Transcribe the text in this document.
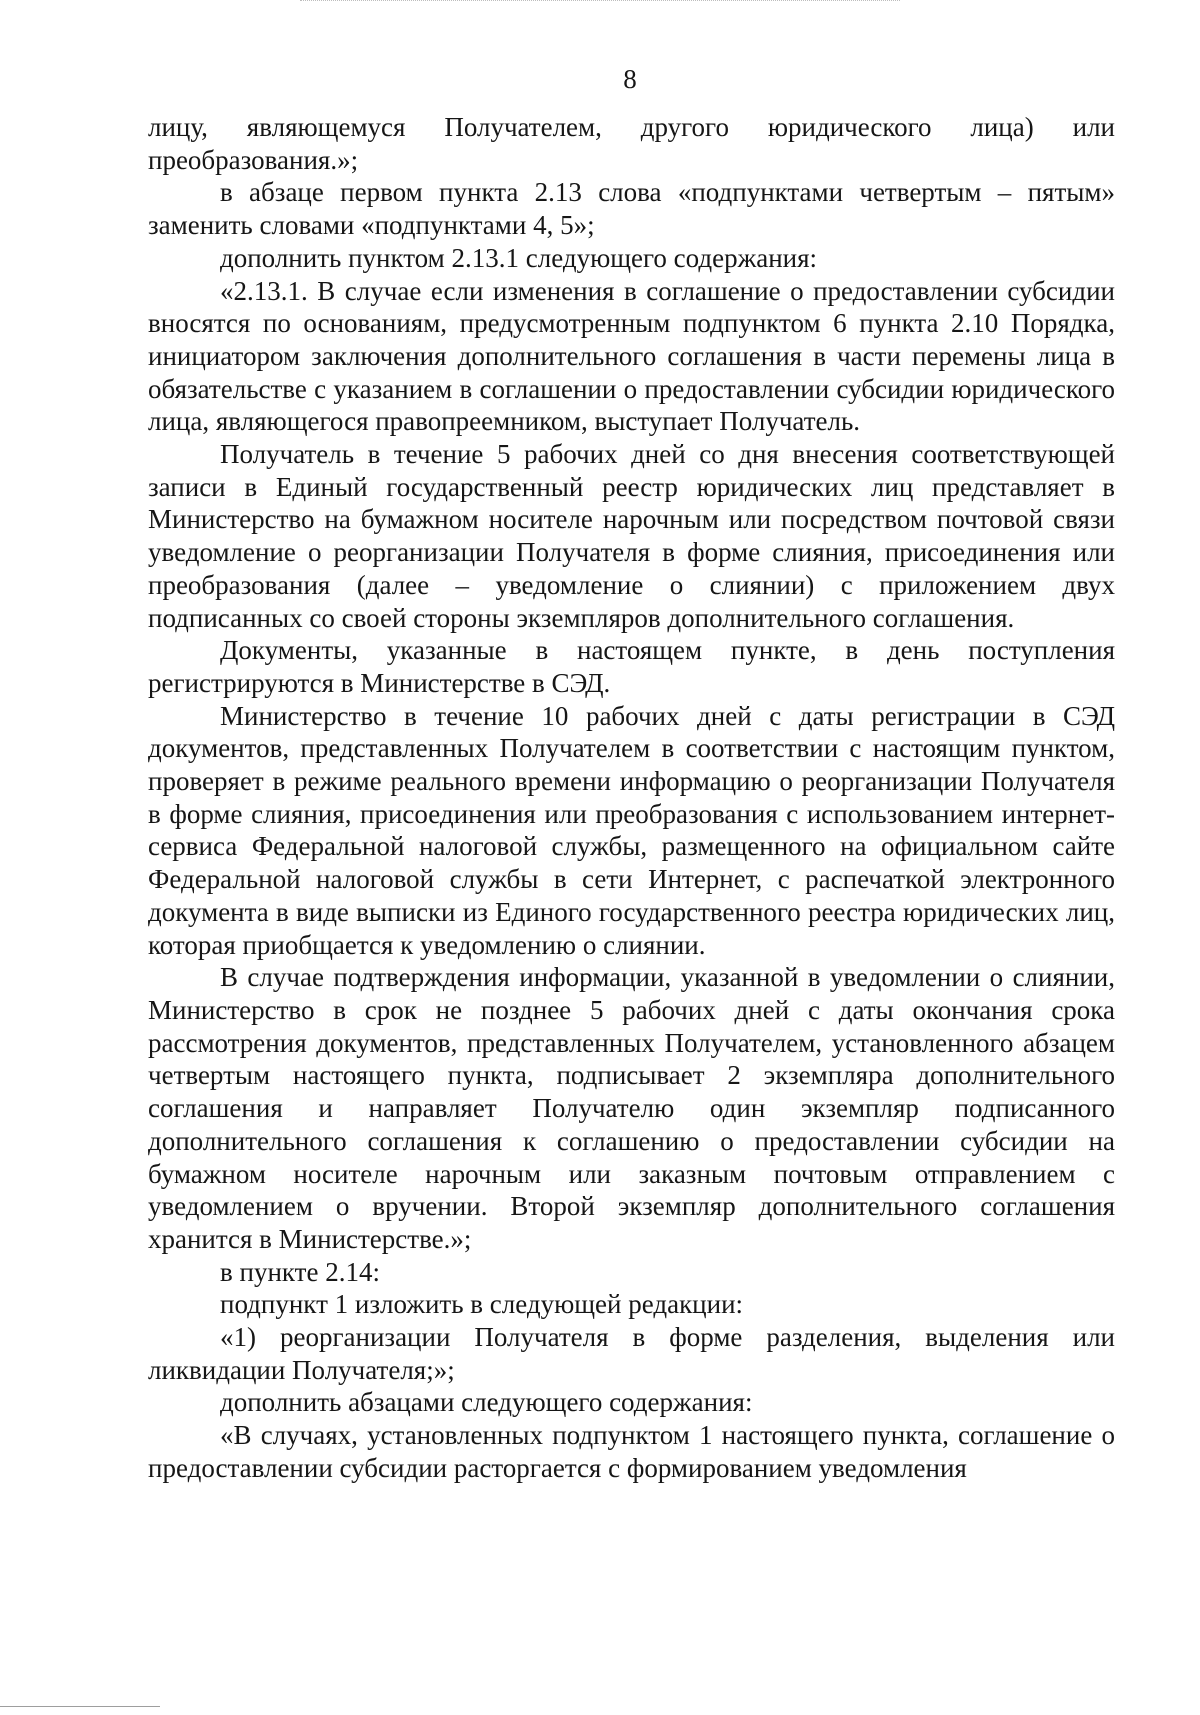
8

лицу, являющемуся Получателем, другого юридического лица) или преобразования.»;

в абзаце первом пункта 2.13 слова «подпунктами четвертым – пятым» заменить словами «подпунктами 4, 5»;

дополнить пунктом 2.13.1 следующего содержания:

«2.13.1. В случае если изменения в соглашение о предоставлении субсидии вносятся по основаниям, предусмотренным подпунктом 6 пункта 2.10 Порядка, инициатором заключения дополнительного соглашения в части перемены лица в обязательстве с указанием в соглашении о предоставлении субсидии юридического лица, являющегося правопреемником, выступает Получатель.

Получатель в течение 5 рабочих дней со дня внесения соответствующей записи в Единый государственный реестр юридических лиц представляет в Министерство на бумажном носителе нарочным или посредством почтовой связи уведомление о реорганизации Получателя в форме слияния, присоединения или преобразования (далее – уведомление о слиянии) с приложением двух подписанных со своей стороны экземпляров дополнительного соглашения.

Документы, указанные в настоящем пункте, в день поступления регистрируются в Министерстве в СЭД.

Министерство в течение 10 рабочих дней с даты регистрации в СЭД документов, представленных Получателем в соответствии с настоящим пунктом, проверяет в режиме реального времени информацию о реорганизации Получателя в форме слияния, присоединения или преобразования с использованием интернет-сервиса Федеральной налоговой службы, размещенного на официальном сайте Федеральной налоговой службы в сети Интернет, с распечаткой электронного документа в виде выписки из Единого государственного реестра юридических лиц, которая приобщается к уведомлению о слиянии.

В случае подтверждения информации, указанной в уведомлении о слиянии, Министерство в срок не позднее 5 рабочих дней с даты окончания срока рассмотрения документов, представленных Получателем, установленного абзацем четвертым настоящего пункта, подписывает 2 экземпляра дополнительного соглашения и направляет Получателю один экземпляр подписанного дополнительного соглашения к соглашению о предоставлении субсидии на бумажном носителе нарочным или заказным почтовым отправлением с уведомлением о вручении. Второй экземпляр дополнительного соглашения хранится в Министерстве.»;

в пункте 2.14:

подпункт 1 изложить в следующей редакции:

«1) реорганизации Получателя в форме разделения, выделения или ликвидации Получателя;»;

дополнить абзацами следующего содержания:

«В случаях, установленных подпунктом 1 настоящего пункта, соглашение о предоставлении субсидии расторгается с формированием уведомления
